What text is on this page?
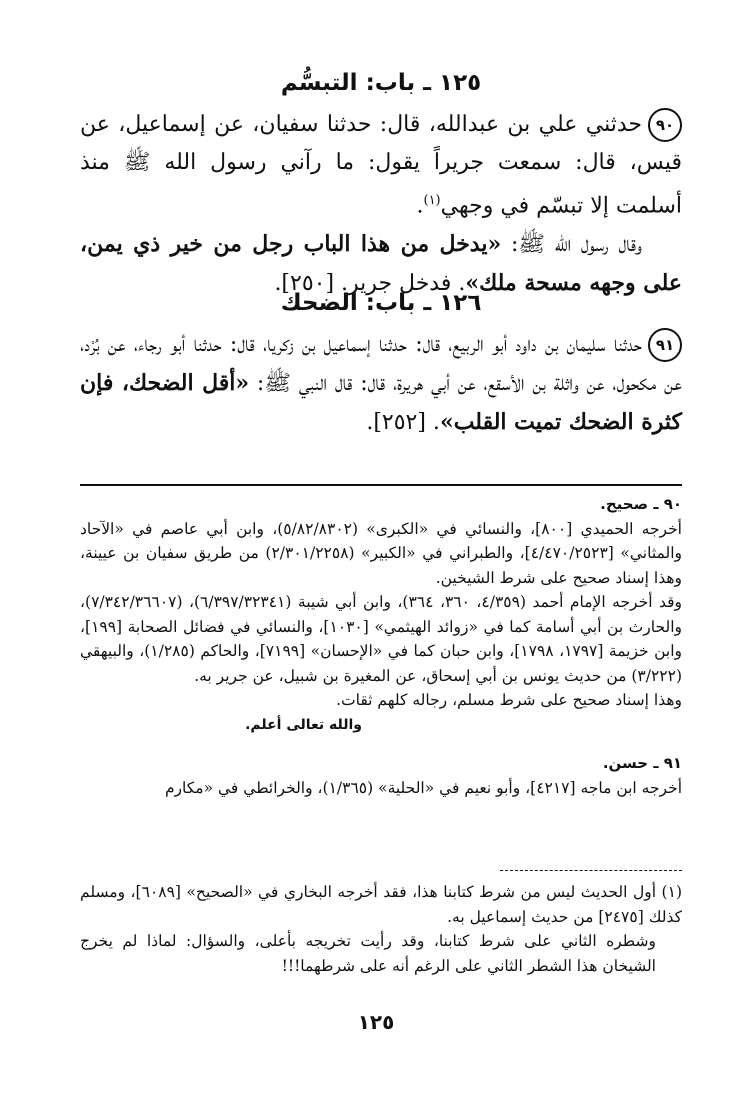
١٢٥ ـ باب: التبسُّم

٩٠حدثني علي بن عبدالله، قال: حدثنا سفيان، عن إسماعيل، عن قيس، قال: سمعت جريراً يقول: ما رآني رسول الله ﷺ منذ أسلمت إلا تبسّم في وجهي$^{(١)}$.

وقال رسول الله ﷺ: «يدخل من هذا الباب رجل من خير ذي يمن، على وجهه مسحة ملك». فدخل جرير. [٢٥٠].

١٢٦ ـ باب: الضحك

٩١حدثنا سليمان بن داود أبو الربيع، قال: حدثنا إسماعيل بن زكريا، قال: حدثنا أبو رجاء، عن بُرْد، عن مكحول، عن واثلة بن الأسقع، عن أبي هريرة، قال: قال النبي ﷺ: «أقل الضحك، فإن كثرة الضحك تميت القلب». [٢٥٢].

٩٠ ـ صحيح.

أخرجه الحميدي [٨٠٠]، والنسائي في «الكبرى» (٥/٨٢/٨٣٠٢)، وابن أبي عاصم في «الآحاد والمثاني» [٤/٤٧٠/٢٥٢٣]، والطبراني في «الكبير» (٢/٣٠١/٢٢٥٨) من طريق سفيان بن عيينة، وهذا إسناد صحيح على شرط الشيخين.

وقد أخرجه الإمام أحمد (٤/٣٥٩، ٣٦٠، ٣٦٤)، وابن أبي شيبة (٦/٣٩٧/٣٢٣٤١)، (٧/٣٤٢/٣٦٦٠٧)، والحارث بن أبي أسامة كما في «زوائد الهيثمي» [١٠٣٠]، والنسائي في فضائل الصحابة [١٩٩]، وابن خزيمة [١٧٩٧، ١٧٩٨]، وابن حبان كما في «الإحسان» [٧١٩٩]، والحاكم (١/٢٨٥)، والبيهقي (٣/٢٢٢) من حديث يونس بن أبي إسحاق، عن المغيرة بن شبيل، عن جرير به.

وهذا إسناد صحيح على شرط مسلم، رجاله كلهم ثقات.

والله تعالى أعلم.

٩١ ـ حسن.

أخرجه ابن ماجه [٤٢١٧]، وأبو نعيم في «الحلية» (١/٣٦٥)، والخرائطي في «مكارم

(١)أول الحديث ليس من شرط كتابنا هذا، فقد أخرجه البخاري في «الصحيح» [٦٠٨٩]، ومسلم كذلك [٢٤٧٥] من حديث إسماعيل به.

وشطره الثاني على شرط كتابنا، وقد رأيت تخريجه بأعلى، والسؤال: لماذا لم يخرج الشيخان هذا الشطر الثاني على الرغم أنه على شرطهما!!!

١٢٥
